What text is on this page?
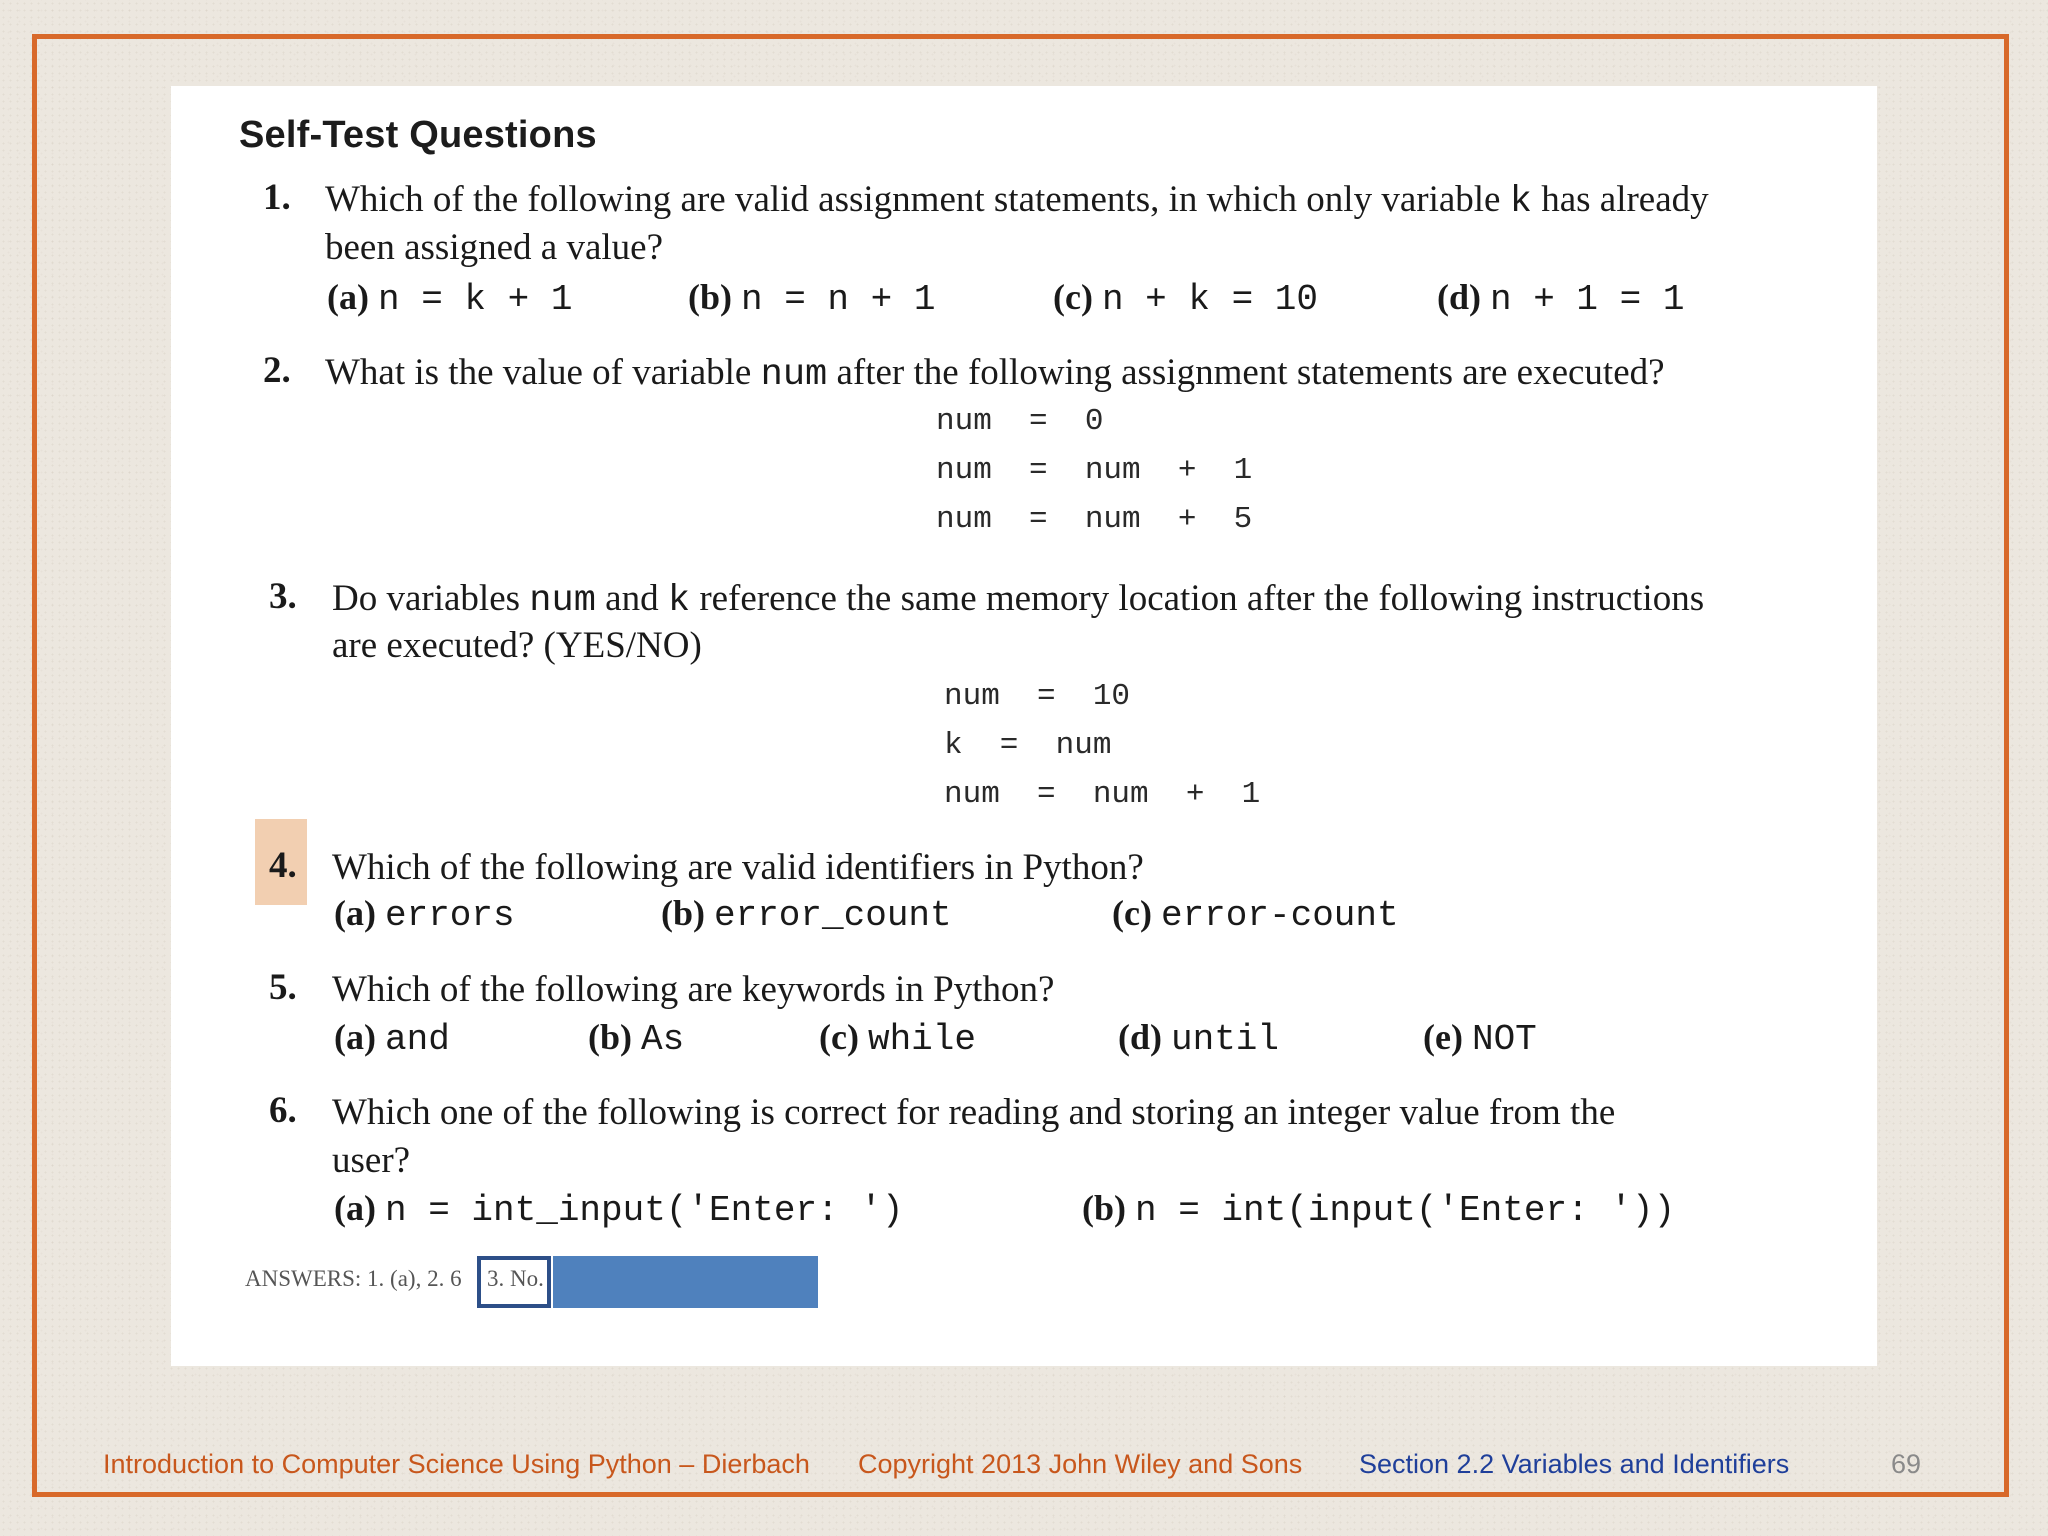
Self-Test Questions
1. Which of the following are valid assignment statements, in which only variable k has already
been assigned a value?
(a) n = k + 1	(b) n = n + 1	(c) n + k = 10	(d) n + 1 = 1
2. What is the value of variable num after the following assignment statements are executed?
num  =  0
num  =  num  +  1
num  =  num  +  5
3. Do variables num and k reference the same memory location after the following instructions
are executed? (YES/NO)
num  =  10
k  =  num
num  =  num  +  1
4. Which of the following are valid identifiers in Python?
(a) errors	(b) error_count	(c) error-count
5. Which of the following are keywords in Python?
(a) and	(b) As	(c) while	(d) until	(e) NOT
6. Which one of the following is correct for reading and storing an integer value from the
user?
(a) n = int_input('Enter: ')	(b) n = int(input('Enter: '))
ANSWERS: 1. (a), 2. 6 3. No.
Introduction to Computer Science Using Python – Dierbach Copyright 2013 John Wiley and Sons Section 2.2 Variables and Identifiers	69
